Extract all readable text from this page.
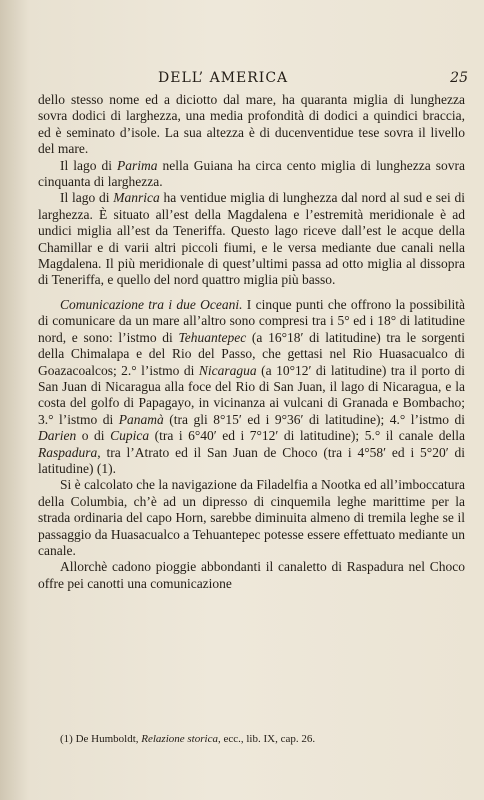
DELL’ AMERICA	25

dello stesso nome ed a diciotto dal mare, ha quaranta miglia di lunghezza sovra dodici di larghezza, una media profondità di dodici a quindici braccia, ed è seminato d’isole. La sua altezza è di ducenventidue tese sovra il livello del mare.

Il lago di Parima nella Guiana ha circa cento miglia di lunghezza sovra cinquanta di larghezza.

Il lago di Manrica ha ventidue miglia di lunghezza dal nord al sud e sei di larghezza. È situato all’est della Magdalena e l’estremità meridionale è ad undici miglia all’est da Teneriffa. Questo lago riceve dall’est le acque della Chamillar e di varii altri piccoli fiumi, e le versa mediante due canali nella Magdalena. Il più meridionale di quest’ultimi passa ad otto miglia al dissopra di Teneriffa, e quello del nord quattro miglia più basso.

Comunicazione tra i due Oceani. I cinque punti che offrono la possibilità di comunicare da un mare all’altro sono compresi tra i 5° ed i 18° di latitudine nord, e sono: l’istmo di Tehuantepec (a 16°18′ di latitudine) tra le sorgenti della Chimalapa e del Rio del Passo, che gettasi nel Rio Huasacualco di Goazacoalcos; 2.° l’istmo di Nicaragua (a 10°12′ di latitudine) tra il porto di San Juan di Nicaragua alla foce del Rio di San Juan, il lago di Nicaragua, e la costa del golfo di Papagayo, in vicinanza ai vulcani di Granada e Bombacho; 3.° l’istmo di Panamà (tra gli 8°15′ ed i 9°36′ di latitudine); 4.° l’istmo di Darien o di Cupica (tra i 6°40′ ed i 7°12′ di latitudine); 5.° il canale della Raspadura, tra l’Atrato ed il San Juan de Choco (tra i 4°58′ ed i 5°20′ di latitudine) (1).

Si è calcolato che la navigazione da Filadelfia a Nootka ed all’imboccatura della Columbia, ch’è ad un dipresso di cinquemila leghe marittime per la strada ordinaria del capo Horn, sarebbe diminuita almeno di tremila leghe se il passaggio da Huasacualco a Tehuantepec potesse essere effettuato mediante un canale.

Allorchè cadono pioggie abbondanti il canaletto di Raspadura nel Choco offre pei canotti una comunicazione

(1) De Humboldt, Relazione storica, ecc., lib. IX, cap. 26.
